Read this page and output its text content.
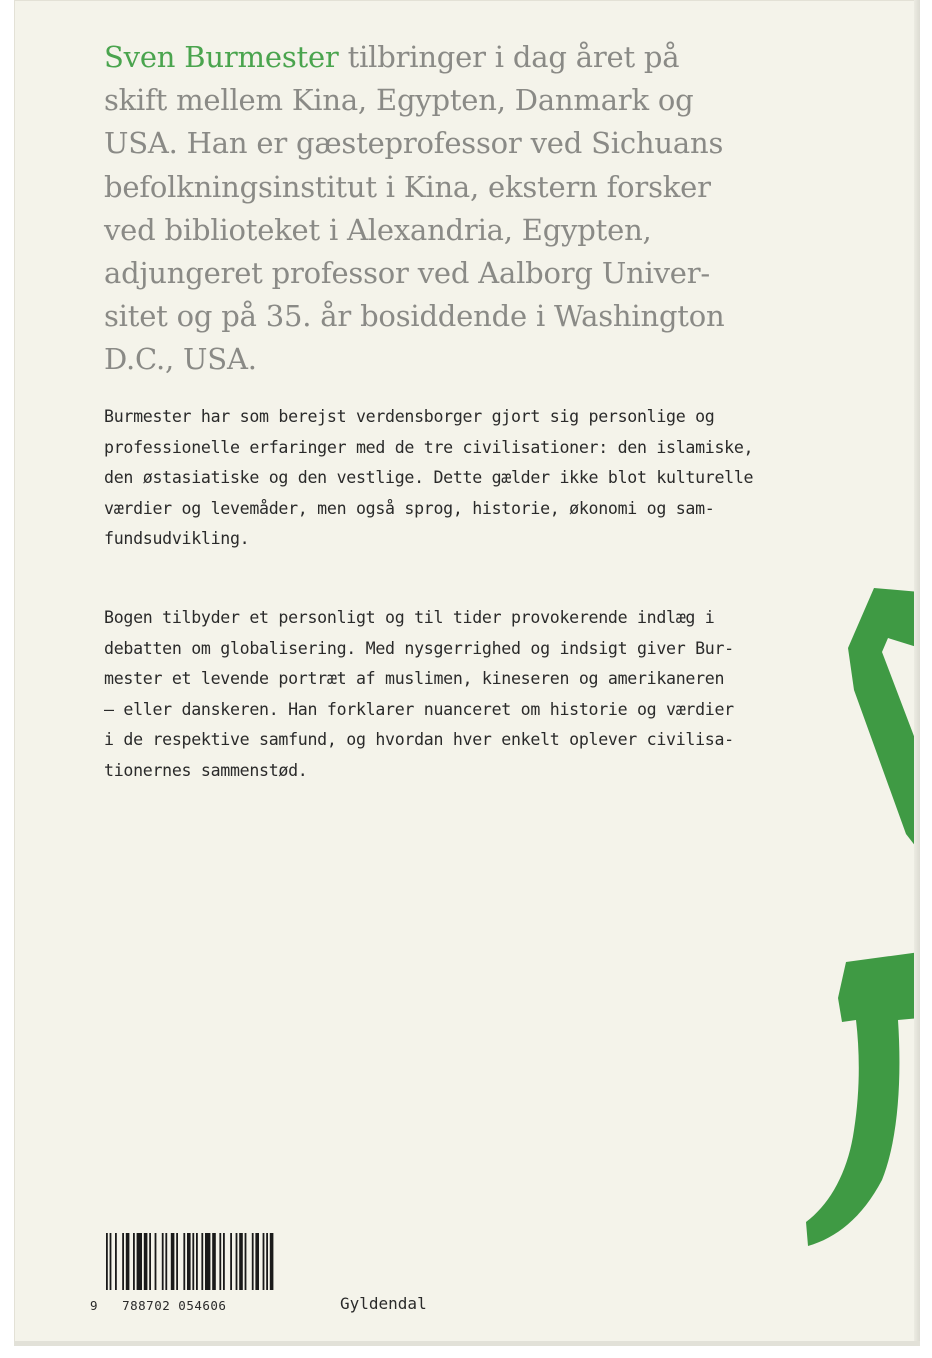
Sven Burmester tilbringer i dag året på
skift mellem Kina, Egypten, Danmark og
USA. Han er gæsteprofessor ved Sichuans
befolkningsinstitut i Kina, ekstern forsker
ved biblioteket i Alexandria, Egypten,
adjungeret professor ved Aalborg Univer-
sitet og på 35. år bosiddende i Washington
D.C., USA.
Burmester har som berejst verdensborger gjort sig personlige og
professionelle erfaringer med de tre civilisationer: den islamiske,
den østasiatiske og den vestlige. Dette gælder ikke blot kulturelle
værdier og levemåder, men også sprog, historie, økonomi og sam-
fundsudvikling.
Bogen tilbyder et personligt og til tider provokerende indlæg i
debatten om globalisering. Med nysgerrighed og indsigt giver Bur-
mester et levende portræt af muslimen, kineseren og amerikaneren
– eller danskeren. Han forklarer nuanceret om historie og værdier
i de respektive samfund, og hvordan hver enkelt oplever civilisa-
tionernes sammenstød.
9 788702 054606	Gyldendal
